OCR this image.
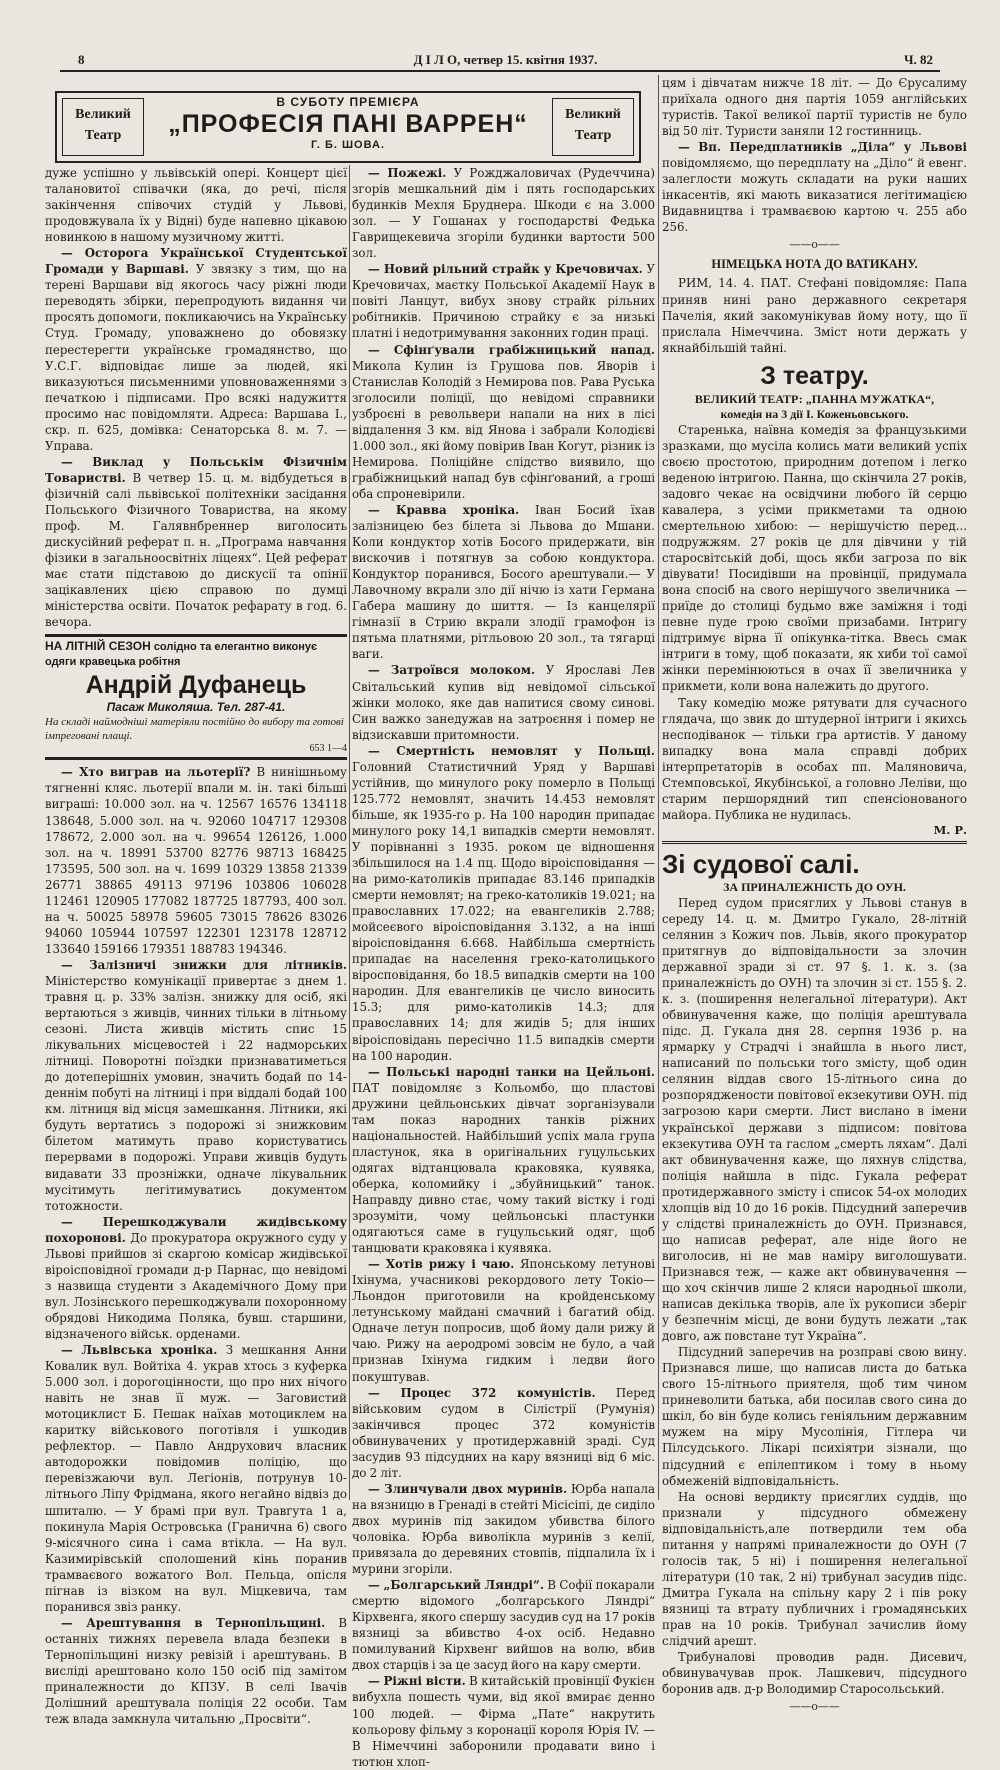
8	Д І Л О, четвер 15. квітня 1937.	Ч. 82
Великий
Театр
В СУБОТУ ПРЕМІЄРА
„ПРОФЕСІЯ ПАНІ ВАРРЕН“
Г. Б. ШОВА.
Великий
Театр

дуже успішно у львівській опері. Концерт цієї талановитої співачки (яка, до речі, після закінчення співочих студій у Львові, продовжувала їх у Відні) буде напевно цікавою новинкою в нашому музичному житті.

— Осторога Української Студентської Громади у Варшаві. У звязку з тим, що на терені Варшави від якогось часу ріжні люди переводять збірки, перепродують видання чи просять допомоги, покликаючись на Українську Студ. Громаду, уповажнено до обовязку перестерегти українське громадянство, що У.С.Г. відповідає лише за людей, які виказуються письменними уповноваженнями з печаткою і підписами. Про всякі надужиття просимо нас повідомляти. Адреса: Варшава І., скр. п. 625, домівка: Сенаторська 8. м. 7. — Управа.

— Виклад у Польськім Фізичнім Товаристві. В четвер 15. ц. м. відбудеться в фізичній салі львівської політехніки засідання Польського Фізичного Товариства, на якому проф. М. Галявнбреннер виголосить дискусійний реферат п. н. „Програма навчання фізики в загальноосвітніх ліцеях“. Цей реферат має стати підставою до дискусії та опінії зацікавлених цією справою по думці міністерства освіти. Початок рефарату в год. 6. вечора.

НА ЛІТНІЙ СЕЗОН солідно та елегантно виконує одяги кравецька робітня
Андрій Дуфанець
Пасаж Миколяша. Тел. 287-41.
На складі наймодніші матеріяли постійно до вибору та готові імпреговані плащі.
653 1—4

— Хто виграв на льотерії? В нинішньому тягненні кляс. льотерії впали м. ін. такі більші виграші: 10.000 зол. на ч. 12567 16576 134118 138648, 5.000 зол. на ч. 92060 104717 129308 178672, 2.000 зол. на ч. 99654 126126, 1.000 зол. на ч. 18991 53700 82776 98713 168425 173595, 500 зол. на ч. 1699 10329 13858 21339 26771 38865 49113 97196 103806 106028 112461 120905 177082 187725 187793, 400 зол. на ч. 50025 58978 59605 73015 78626 83026 94060 105944 107597 122301 123178 128712 133640 159166 179351 188783 194346.

— Залізничі знижки для літників. Міністерство комунікації привертає з днем 1. травня ц. р. 33% залізн. знижку для осіб, які вертаються з живців, чинних тільки в літньому сезоні. Листа живців містить спис 15 лікувальних місцевостей і 22 надморських літниці. Поворотні поїздки признаватиметься до дотеперішніх умовин, значить бодай по 14-деннім побуті на літниці і при віддалі бодай 100 км. літниця від місця замешкання. Літники, які будуть вертатись з подорожі зі знижковим білетом матимуть право користуватись перервами в подорожі. Управи живців будуть видавати 33 прозніжки, одначе лікувальник мусітимуть легітимуватись документом тотожности.

— Перешкоджували жидівському похоронові. До прокуратора окружного суду у Львові прийшов зі скаргою комісар жидівської віроісповідної громади д-р Парнас, що невідомі з назвища студенти з Академічного Дому при вул. Лозінського перешкоджували похоронному обрядові Никодима Поляка, бувш. старшини, відзначеного військ. орденами.

— Львівська хроніка. З мешкання Анни Ковалик вул. Войтіха 4. украв хтось з куферка 5.000 зол. і дорогоцінности, що про них нічого навіть не знав її муж. — Заговистий мотоциклист Б. Пешак наїхав мотоциклем на каритку військового поготівля і ушкодив рефлектор. — Павло Андрухович власник автодорожки повідомив поліцію, що перевізжаючи вул. Легіонів, потрунув 10-літнього Ліпу Фрідмана, якого негайно відвіз до шпиталю. — У брамі при вул. Травгута 1 а, покинула Марія Островська (Гранична 6) свого 9-місячного сина і сама втікла. — На вул. Казимирівській сполошений кінь поранив трамваєвого вожатого Вол. Пельца, опісля пігнав із візком на вул. Міцкевича, там поранився звіз ранку.

— Арештування в Тернопільщині. В останніх тижнях перевела влада безпеки в Тернопільщині низку ревізій і арештувань. В висліді арештовано коло 150 осіб під замітом приналежности до КПЗУ. В селі Івачів Долішний арештувала поліція 22 особи. Там теж влада замкнула читальню „Просвіти“.

— Пожежі. У Рожджаловичах (Рудеччина) згорів мешкальний дім і пять господарських будинків Мехля Бруднера. Шкоди є на 3.000 зол. — У Гошанах у господарстві Федька Гаврищекевича згоріли будинки вартости 500 зол.

— Новий рільний страйк у Кречовичах. У Кречовичах, маєтку Польської Академії Наук в повіті Ланцут, вибух знову страйк рільних робітників. Причиною страйку є за низькі платні і недотримування законних годин праці.

— Сфінґували грабіжницький напад. Микола Кулин із Грушова пов. Яворів і Станислав Колодій з Немирова пов. Рава Руська зголосили поліції, що невідомі справники узброєні в револьвери напали на них в лісі віддалення 3 км. від Янова і забрали Колодієві 1.000 зол., які йому повірив Іван Когут, різник із Немирова. Поліційне слідство виявило, що грабіжницький напад був сфінґований, а гроші оба спроневірили.

— Кравва хроніка. Іван Босий їхав залізницею без білета зі Львова до Мшани. Коли кондуктор хотів Босого придержати, він вискочив і потягнув за собою кондуктора. Кондуктор поранився, Босого арештували.— У Лавочному вкрали зло дії нічю із хати Германа Габера машину до шиття. — Із канцелярії гімназії в Стрию вкрали злодії грамофон із пятьма платнями, рітльовою 20 зол., та тягарці ваги.

— Затроївся молоком. У Ярославі Лев Світальський купив від невідомої сільської жінки молоко, яке дав напитися свому синові. Син важко занедужав на затроєння і помер не відзискавши притомности.

— Смертність немовлят у Польщі. Головний Статистичний Уряд у Варшаві устійнив, що минулого року померло в Польщі 125.772 немовлят, значить 14.453 немовлят більше, як 1935-го р. На 100 народин припадає минулого року 14,1 випадків смерти немовлят. У порівнанні з 1935. роком це відношення збільшилося на 1.4 пц. Щодо віроісповідання — на римо-католиків припадає 83.146 припадків смерти немовлят; на греко-католиків 19.021; на православних 17.022; на евангеликів 2.788; мойсеєвого віроісповідання 3.132, а на інші віроісповідання 6.668. Найбільша смертність припадає на населення греко-католицького віросповідання, бо 18.5 випадків смерти на 100 народин. Для евангеликів це число виносить 15.3; для римо-католиків 14.3; для православних 14; для жидів 5; для інших віроісповідань пересічно 11.5 випадків смерти на 100 народин.

— Польські народні танки на Цейльоні. ПАТ повідомляє з Кольомбо, що пластові дружини цейльонських дівчат зорганізували там показ народних танків ріжних національностей. Найбільший успіх мала група пластунок, яка в оригінальних гуцульських одягах відтанцювала краковяка, куявяка, оберка, коломийку і „збуйницький“ танок. Направду дивно стає, чому такий вістку і годі зрозуміти, чому цейльонські пластунки одягаються саме в гуцульський одяг, щоб танцювати краковяка і куявяка.

— Хотів рижу і чаю. Японському летунові Іхінума, учасникові рекордового лету Токіо—Льондон приготовили на кройденському летунському майдані смачний і багатий обід. Одначе летун попросив, щоб йому дали рижу й чаю. Рижу на аеродромі зовсім не було, а чай признав Іхінума гидким і ледви його покуштував.

— Процес 372 комуністів. Перед військовим судом в Сілістрії (Румунія) закінчився процес 372 комуністів обвинувачених у протидержавній зраді. Суд засудив 93 підсудних на кару вязниці від 6 міс. до 2 літ.

— Злинчували двох муринів. Юрба напала на вязницю в Гренаді в стейті Місісіпі, де сиділо двох муринів під закидом убивства білого чоловіка. Юрба виволікла муринів з келії, привязала до деревяних стовпів, підпалила їх і мурини згоріли.

— „Болгарський Ляндрі“. В Софії покарали смертю відомого „болгарського Ляндрі“ Кірхвенга, якого спершу засудив суд на 17 років вязниці за вбивство 4-ох осіб. Недавно помилуваний Кірхвенг вийшов на волю, вбив двох старців і за це засуд його на кару смерти.

— Ріжні вісти. В китайській провінції Фукієн вибухла пошесть чуми, від якої вмирає денно 100 людей. — Фірма „Пате“ накрутить кольорову фільму з коронації короля Юрія IV. — В Німеччині заборонили продавати вино і тютюн хлоп-

цям і дівчатам нижче 18 літ. — До Єрусалиму приїхала одного дня партія 1059 англійських туристів. Такої великої партії туристів не було від 50 літ. Туристи заняли 12 гостинниць.

— Вп. Передплатників „Діла“ у Львові повідомляємо, що передплату на „Діло“ й евенг. залеглости можуть складати на руки наших інкасентів, які мають виказатися легітимацією Видавництва і трамваєвою картою ч. 255 або 256.

——о——
НІМЕЦЬКА НОТА ДО ВАТИКАНУ.

РИМ, 14. 4. ПАТ. Стефані повідомляє: Папа приняв нині рано державного секретаря Пачелія, який закомунікував йому ноту, що її прислала Німеччина. Зміст ноти держать у якнайбільшій тайні.

З театру.
ВЕЛИКИЙ ТЕАТР: „ПАННА МУЖАТКА“,
комедія на 3 дії І. Коженьовського.

Старенька, наївна комедія за французькими зразками, що мусіла колись мати великий успіх своєю простотою, природним дотепом і легко веденою інтригою. Панна, що скінчила 27 років, задовго чекає на освідчини любого їй серцю кавалера, з усіми прикметами та одною смертельною хибою: — нерішучістю перед... подружжям. 27 років це для дівчини у тій старосвітській добі, щось якби загроза по вік дівувати! Посидівши на провінції, придумала вона спосіб на свого нерішучого звеличника — приїде до столиці будьмо вже заміжня і тоді певне пуде грою своїми призабами. Інтригу підтримує вірна її опікунка-тітка. Ввесь смак інтриги в тому, щоб показати, як хиби тої самої жінки перемінюються в очах її звеличника у прикмети, коли вона належить до другого.

Таку комедію може рятувати для сучасного глядача, що звик до штудерної інтриги і якихсь несподіванок — тільки гра артистів. У даному випадку вона мала справді добрих інтерпретаторів в особах пп. Маляновича, Стемповської, Якубінської, а головно Леліви, що старим першорядний тип спенсіонованого майора. Публика не нудилась.

М. Р.
Зі судової салі.
ЗА ПРИНАЛЕЖНІСТЬ ДО ОУН.

Перед судом присяглих у Львові станув в середу 14. ц. м. Дмитро Гукало, 28-літній селянин з Кожич пов. Львів, якого прокуратор притягнув до відповідальности за злочин державної зради зі ст. 97 §. 1. к. з. (за приналежність до ОУН) та злочин зі ст. 155 §. 2. к. з. (поширення нелегальної літератури). Акт обвинувачення каже, що поліція арештувала підс. Д. Гукала дня 28. серпня 1936 р. на ярмарку у Страдчі і знайшла в нього лист, написаний по польськи того змісту, щоб один селянин віддав свого 15-літнього сина до розпоряджености повітової екзекутиви ОУН. під загрозою кари смерти. Лист вислано в імени української держави з підписом: повітова екзекутива ОУН та гаслом „смерть ляхам“. Далі акт обвинувачення каже, що ляхнув слідства, поліція найшла в підс. Гукала реферат протидержавного змісту і список 54-ох молодих хлопців від 10 до 16 років. Підсудний заперечив у слідстві приналежність до ОУН. Признався, що написав реферат, але ніде його не виголосив, ні не мав наміру виголошувати. Признався теж, — каже акт обвинувачення — що хоч скінчив лише 2 кляси народньої школи, написав декілька творів, але їх рукописи зберіг у безпечнім місці, де вони будуть лежати „так довго, аж повстане тут Україна“.

Підсудний заперечив на розправі свою вину. Признався лише, що написав листа до батька свого 15-літнього приятеля, щоб тим чином приневолити батька, аби посилав свого сина до шкіл, бо він буде колись геніяльним державним мужем на міру Мусолінія, Гітлера чи Пілсудського. Лікарі психіятри зізнали, що підсудний є епілептиком і тому в ньому обмеженій відповідальність.

На основі вердикту присяглих суддів, що признали у підсудного обмежену відповідальність,але потвердили тем оба питання у напрямі приналежности до ОУН (7 голосів так, 5 ні) і поширення нелегальної літератури (10 так, 2 ні) трибунал засудив підс. Дмитра Гукала на спільну кару 2 і пів року вязниці та втрату публичних і громадянських прав на 10 років. Трибунал зачислив йому слідчий арешт.

Трибуналові проводив радн. Дисевич, обвинувачував прок. Лашкевич, підсудного боронив адв. д-р Володимир Старосольський.

——о——
